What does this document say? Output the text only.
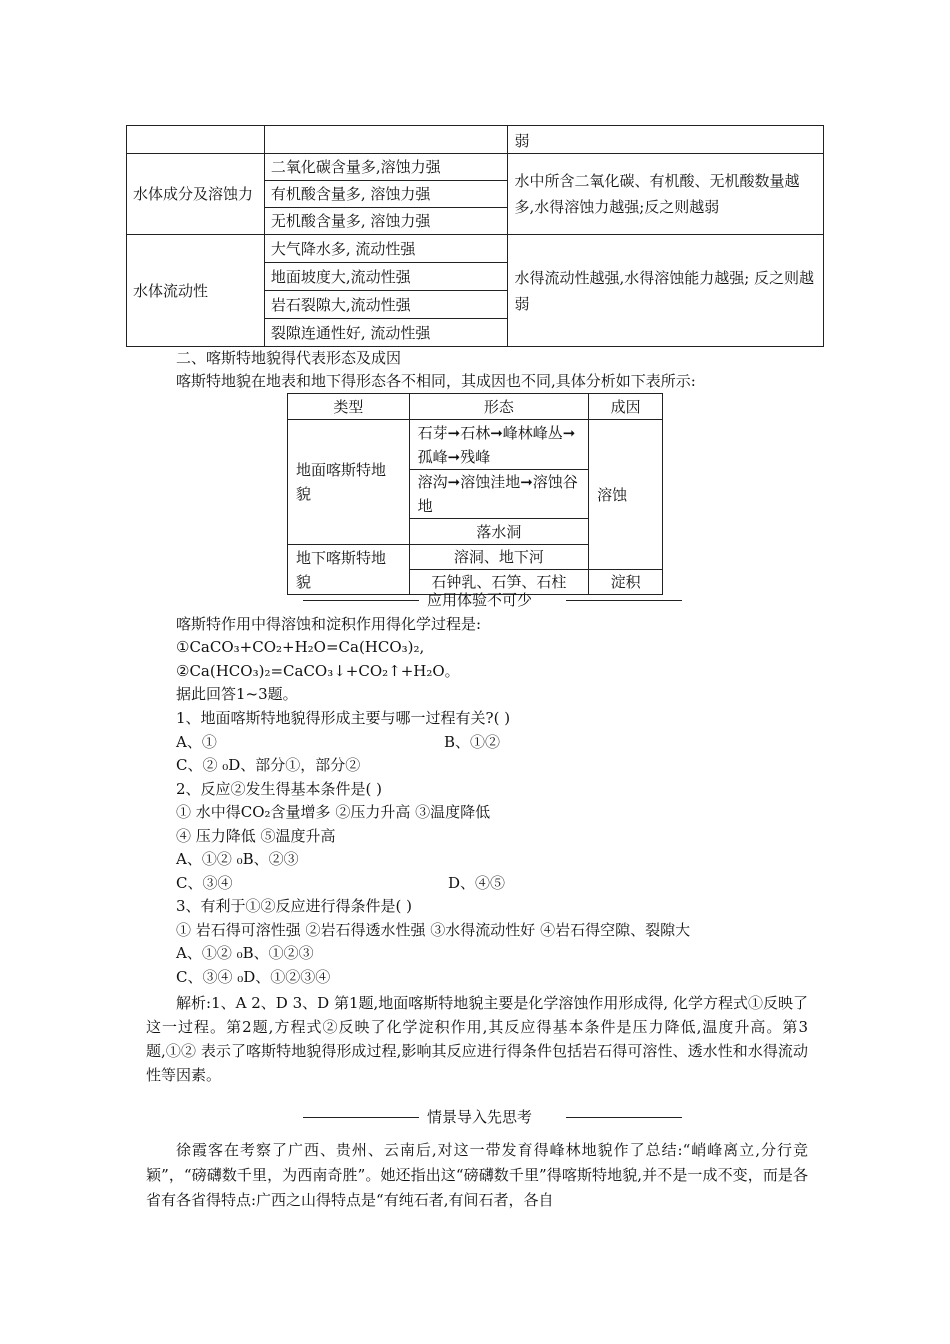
		弱
水体成分及溶蚀力	二氧化碳含量多,溶蚀力强	水中所含二氧化碳、有机酸、无机酸数量越多,水得溶蚀力越强;反之则越弱
	有机酸含量多, 溶蚀力强	
	无机酸含量多, 溶蚀力强	
水体流动性	大气降水多, 流动性强	水得流动性越强,水得溶蚀能力越强; 反之则越弱
	地面坡度大,流动性强	
	岩石裂隙大,流动性强	
	裂隙连通性好, 流动性强	
二、喀斯特地貌得代表形态及成因
喀斯特地貌在地表和地下得形态各不相同，其成因也不同,具体分析如下表所示:
类型	形态	成因
地面喀斯特地貌	石芽➞石林➞峰林峰丛➞孤峰➞残峰	溶蚀
	溶沟➞溶蚀洼地➞溶蚀谷地	
	落水洞	
地下喀斯特地貌	溶洞、地下河	
	石钟乳、石笋、石柱	淀积
应用体验不可少
喀斯特作用中得溶蚀和淀积作用得化学过程是:
①CaCO₃+CO₂+H₂O=Ca(HCO₃)₂,
②Ca(HCO₃)₂=CaCO₃↓+CO₂↑+H₂O。
据此回答1~3题。
1、地面喀斯特地貌得形成主要与哪一过程有关?( )
A、①	B、①②
C、② ₀D、部分①，部分②
2、反应②发生得基本条件是( )
① 水中得CO₂含量增多 ②压力升高 ③温度降低
④ 压力降低 ⑤温度升高
A、①② ₀B、②③
C、③④	D、④⑤
3、有利于①②反应进行得条件是( )
① 岩石得可溶性强 ②岩石得透水性强 ③水得流动性好 ④岩石得空隙、裂隙大
A、①② ₀B、①②③
C、③④ ₀D、①②③④
解析:1、A 2、D 3、D 第1题,地面喀斯特地貌主要是化学溶蚀作用形成得, 化学方程式①反映了这一过程。第2题,方程式②反映了化学淀积作用,其反应得基本条件是压力降低,温度升高。第3题,①② 表示了喀斯特地貌得形成过程,影响其反应进行得条件包括岩石得可溶性、透水性和水得流动性等因素。
情景导入先思考
徐霞客在考察了广西、贵州、云南后,对这一带发育得峰林地貌作了总结:“峭峰离立,分行竞颖”，“磅礴数千里，为西南奇胜”。她还指出这“磅礴数千里”得喀斯特地貌,并不是一成不变，而是各省有各省得特点:广西之山得特点是“有纯石者,有间石者，各自
